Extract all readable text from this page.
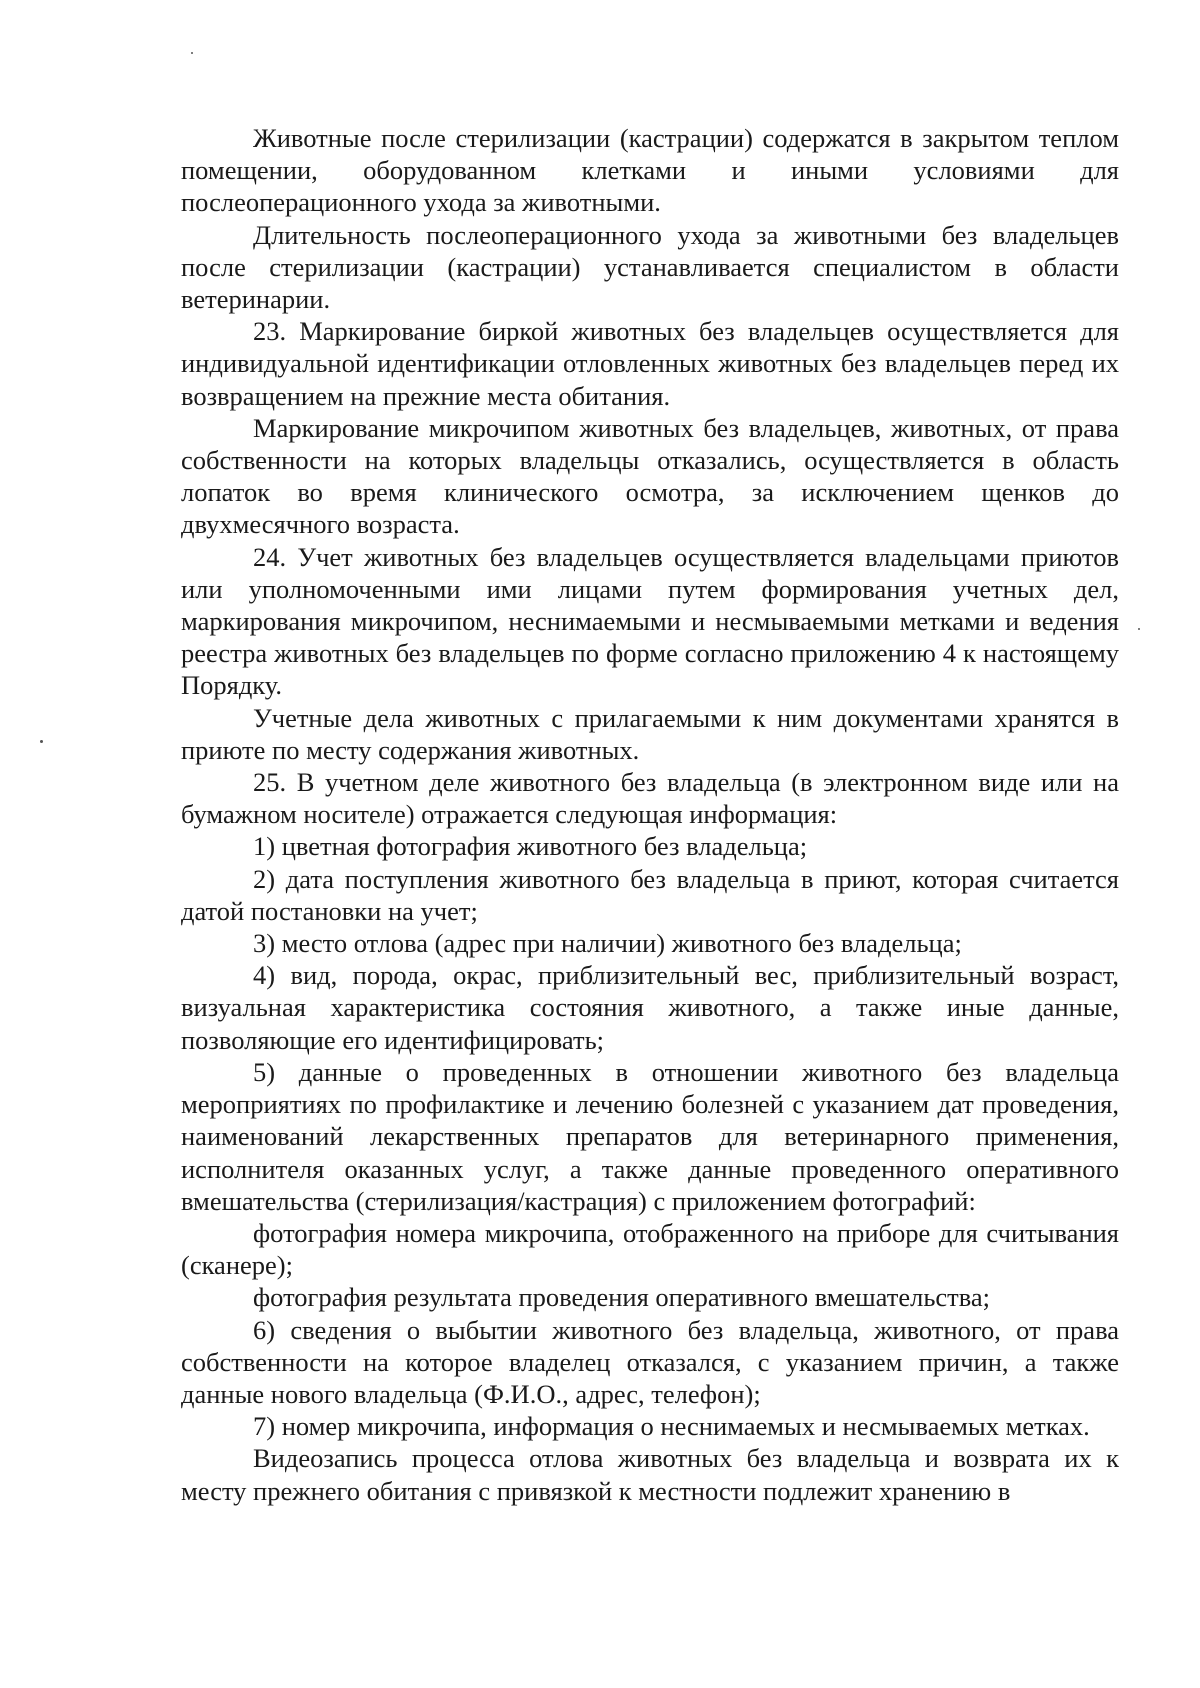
Животные после стерилизации (кастрации) содержатся в закрытом теплом помещении, оборудованном клетками и иными условиями для послеоперационного ухода за животными.

Длительность послеоперационного ухода за животными без владельцев после стерилизации (кастрации) устанавливается специалистом в области ветеринарии.

23. Маркирование биркой животных без владельцев осуществляется для индивидуальной идентификации отловленных животных без владельцев перед их возвращением на прежние места обитания.

Маркирование микрочипом животных без владельцев, животных, от права собственности на которых владельцы отказались, осуществляется в область лопаток во время клинического осмотра, за исключением щенков до двухмесячного возраста.

24. Учет животных без владельцев осуществляется владельцами приютов или уполномоченными ими лицами путем формирования учетных дел, маркирования микрочипом, неснимаемыми и несмываемыми метками и ведения реестра животных без владельцев по форме согласно приложению 4 к настоящему Порядку.

Учетные дела животных с прилагаемыми к ним документами хранятся в приюте по месту содержания животных.

25. В учетном деле животного без владельца (в электронном виде или на бумажном носителе) отражается следующая информация:

1) цветная фотография животного без владельца;

2) дата поступления животного без владельца в приют, которая считается датой постановки на учет;

3) место отлова (адрес при наличии) животного без владельца;

4) вид, порода, окрас, приблизительный вес, приблизительный возраст, визуальная характеристика состояния животного, а также иные данные, позволяющие его идентифицировать;

5) данные о проведенных в отношении животного без владельца мероприятиях по профилактике и лечению болезней с указанием дат проведения, наименований лекарственных препаратов для ветеринарного применения, исполнителя оказанных услуг, а также данные проведенного оперативного вмешательства (стерилизация/кастрация) с приложением фотографий:

фотография номера микрочипа, отображенного на приборе для считывания (сканере);

фотография результата проведения оперативного вмешательства;

6) сведения о выбытии животного без владельца, животного, от права собственности на которое владелец отказался, с указанием причин, а также данные нового владельца (Ф.И.О., адрес, телефон);

7) номер микрочипа, информация о неснимаемых и несмываемых метках.

Видеозапись процесса отлова животных без владельца и возврата их к месту прежнего обитания с привязкой к местности подлежит хранению в
